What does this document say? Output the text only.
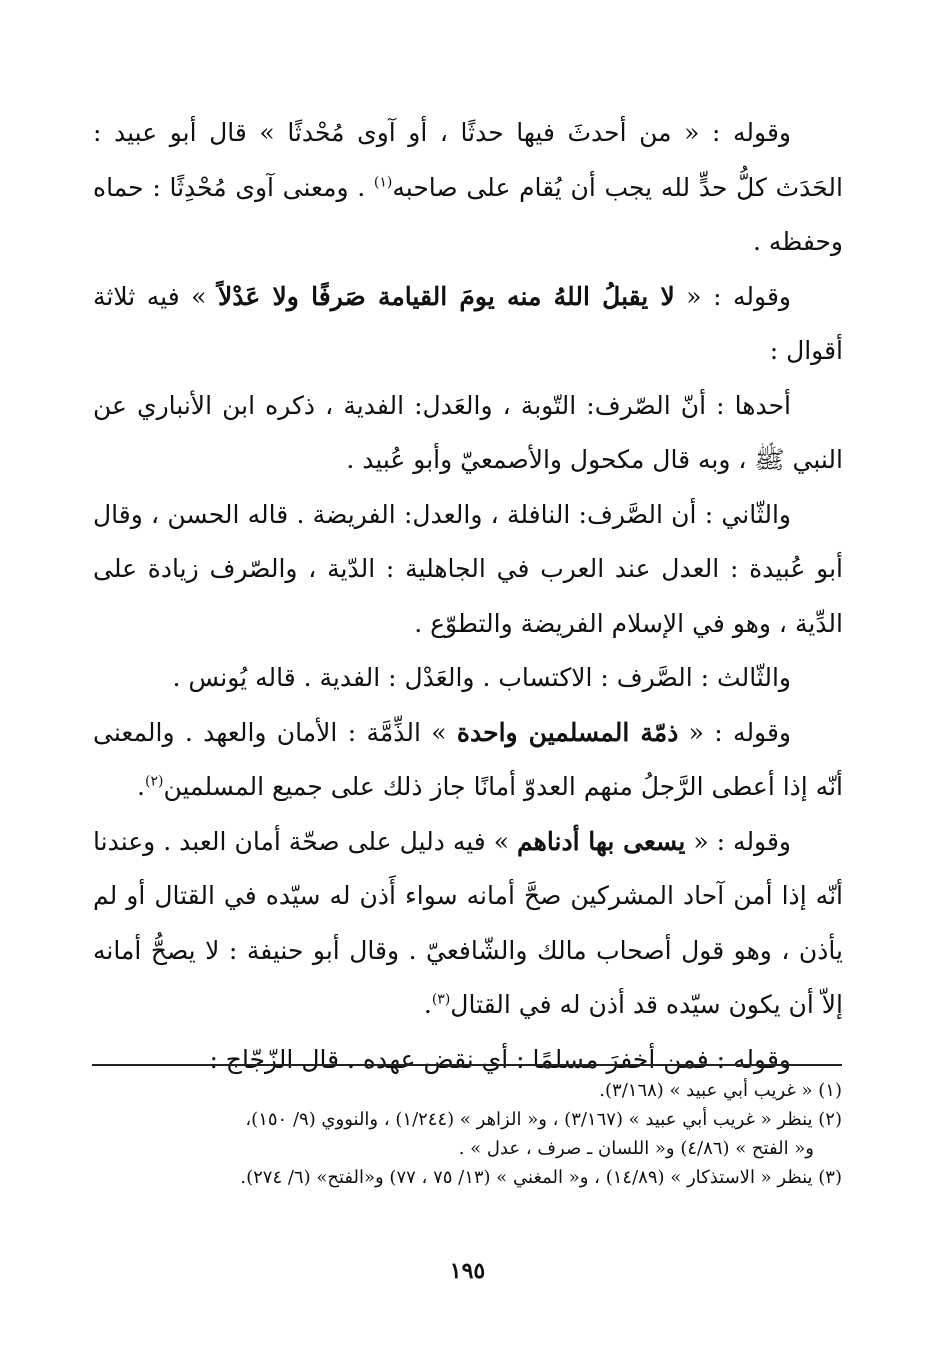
وقوله : « من أحدثَ فيها حدثًا ، أو آوى مُحْدثًا » قال أبو عبيد : الحَدَث كلُّ حدٍّ لله يجب أن يُقام على صاحبه$^{(١)}$ . ومعنى آوى مُحْدِثًا : حماه وحفظه .

وقوله : « لا يقبلُ اللهُ منه يومَ القيامة صَرفًا ولا عَدْلاً » فيه ثلاثة أقوال :

أحدها : أنّ الصّرف: التّوبة ، والعَدل: الفدية ، ذكره ابن الأنباري عن النبي ﷺ ، وبه قال مكحول والأصمعيّ وأبو عُبيد .

والثّاني : أن الصَّرف: النافلة ، والعدل: الفريضة . قاله الحسن ، وقال أبو عُبيدة : العدل عند العرب في الجاهلية : الدّية ، والصّرف زيادة على الدِّية ، وهو في الإسلام الفريضة والتطوّع .

والثّالث : الصَّرف : الاكتساب . والعَدْل : الفدية . قاله يُونس .

وقوله : « ذمّة المسلمين واحدة » الذِّمَّة : الأمان والعهد . والمعنى أنّه إذا أعطى الرَّجلُ منهم العدوّ أمانًا جاز ذلك على جميع المسلمين$^{(٢)}$.

وقوله : « يسعى بها أدناهم » فيه دليل على صحّة أمان العبد . وعندنا أنّه إذا أمن آحاد المشركين صحَّ أمانه سواء أَذن له سيّده في القتال أو لم يأذن ، وهو قول أصحاب مالك والشّافعيّ . وقال أبو حنيفة : لا يصحُّ أمانه إلاّ أن يكون سيّده قد أذن له في القتال$^{(٣)}$.

وقوله : فمن أخفرَ مسلمًا : أي نقض عهده . قال الزّجّاج :

(١) « غريب أبي عبيد » (٣/١٦٨).

(٢) ينظر « غريب أبي عبيد » (٣/١٦٧) ، و« الزاهر » (١/٢٤٤) ، والنووي (٩/ ١٥٠)،

و« الفتح » (٤/٨٦) و« اللسان ـ صرف ، عدل » .

(٣) ينظر « الاستذكار » (١٤/٨٩) ، و« المغني » (١٣/ ٧٥ ، ٧٧) و«الفتح» (٦/ ٢٧٤).

١٩٥
